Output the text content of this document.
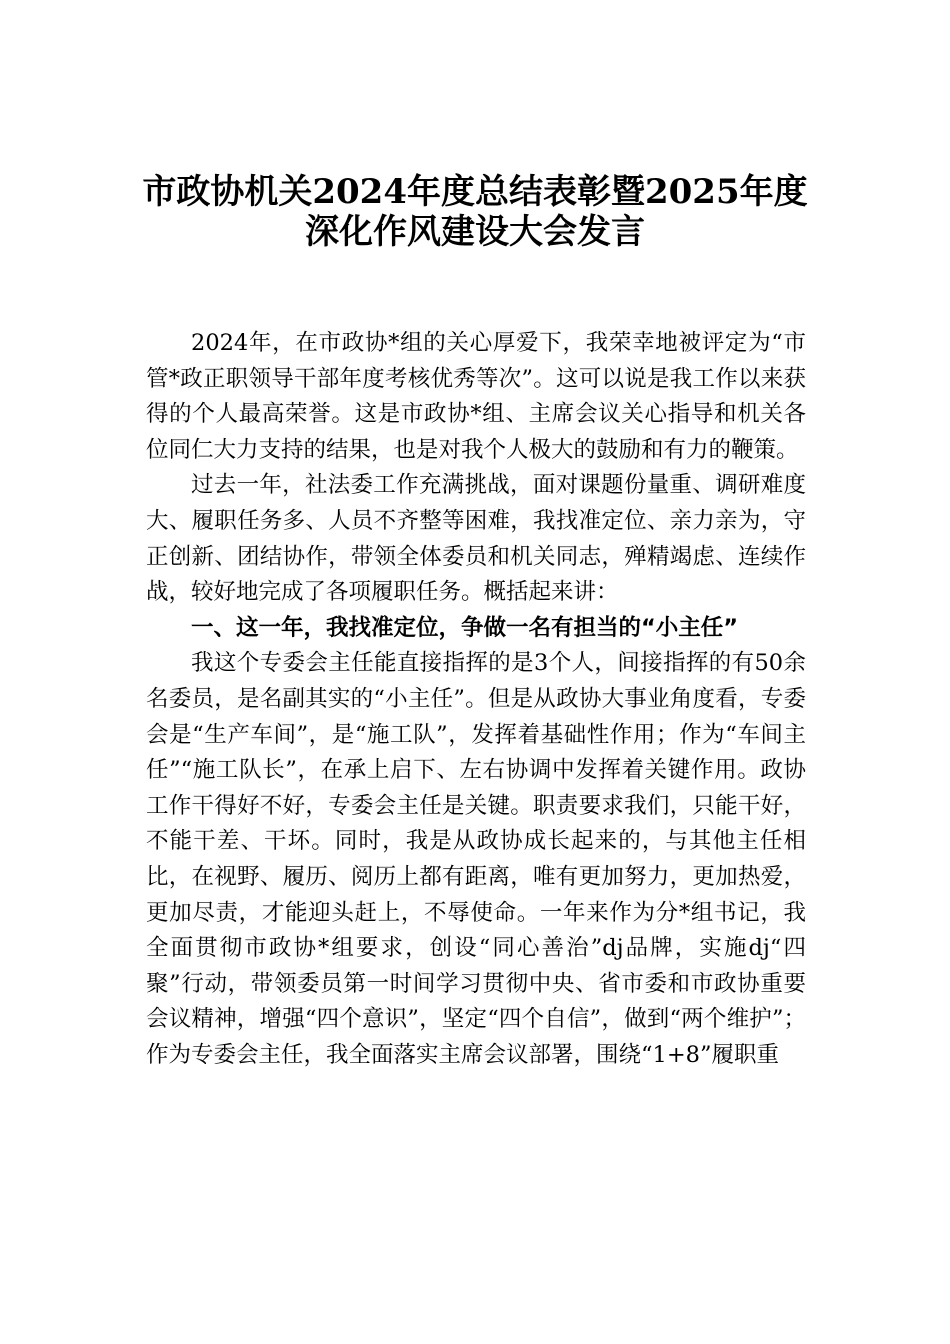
市政协机关2024年度总结表彰暨2025年度
深化作风建设大会发言

2024年，在市政协*组的关心厚爱下，我荣幸地被评定为“市管*政正职领导干部年度考核优秀等次”。这可以说是我工作以来获得的个人最高荣誉。这是市政协*组、主席会议关心指导和机关各位同仁大力支持的结果，也是对我个人极大的鼓励和有力的鞭策。

过去一年，社法委工作充满挑战，面对课题份量重、调研难度大、履职任务多、人员不齐整等困难，我找准定位、亲力亲为，守正创新、团结协作，带领全体委员和机关同志，殚精竭虑、连续作战，较好地完成了各项履职任务。概括起来讲：

一、这一年，我找准定位，争做一名有担当的“小主任”

我这个专委会主任能直接指挥的是3个人，间接指挥的有50余名委员，是名副其实的“小主任”。但是从政协大事业角度看，专委会是“生产车间”，是“施工队”，发挥着基础性作用；作为“车间主任”“施工队长”，在承上启下、左右协调中发挥着关键作用。政协工作干得好不好，专委会主任是关键。职责要求我们，只能干好，不能干差、干坏。同时，我是从政协成长起来的，与其他主任相比，在视野、履历、阅历上都有距离，唯有更加努力，更加热爱，更加尽责，才能迎头赶上，不辱使命。一年来作为分*组书记，我全面贯彻市政协*组要求，创设“同心善治”dj品牌，实施dj“四聚”行动，带领委员第一时间学习贯彻中央、省市委和市政协重要会议精神，增强“四个意识”，坚定“四个自信”，做到“两个维护”；作为专委会主任，我全面落实主席会议部署，围绕“1+8”履职重
